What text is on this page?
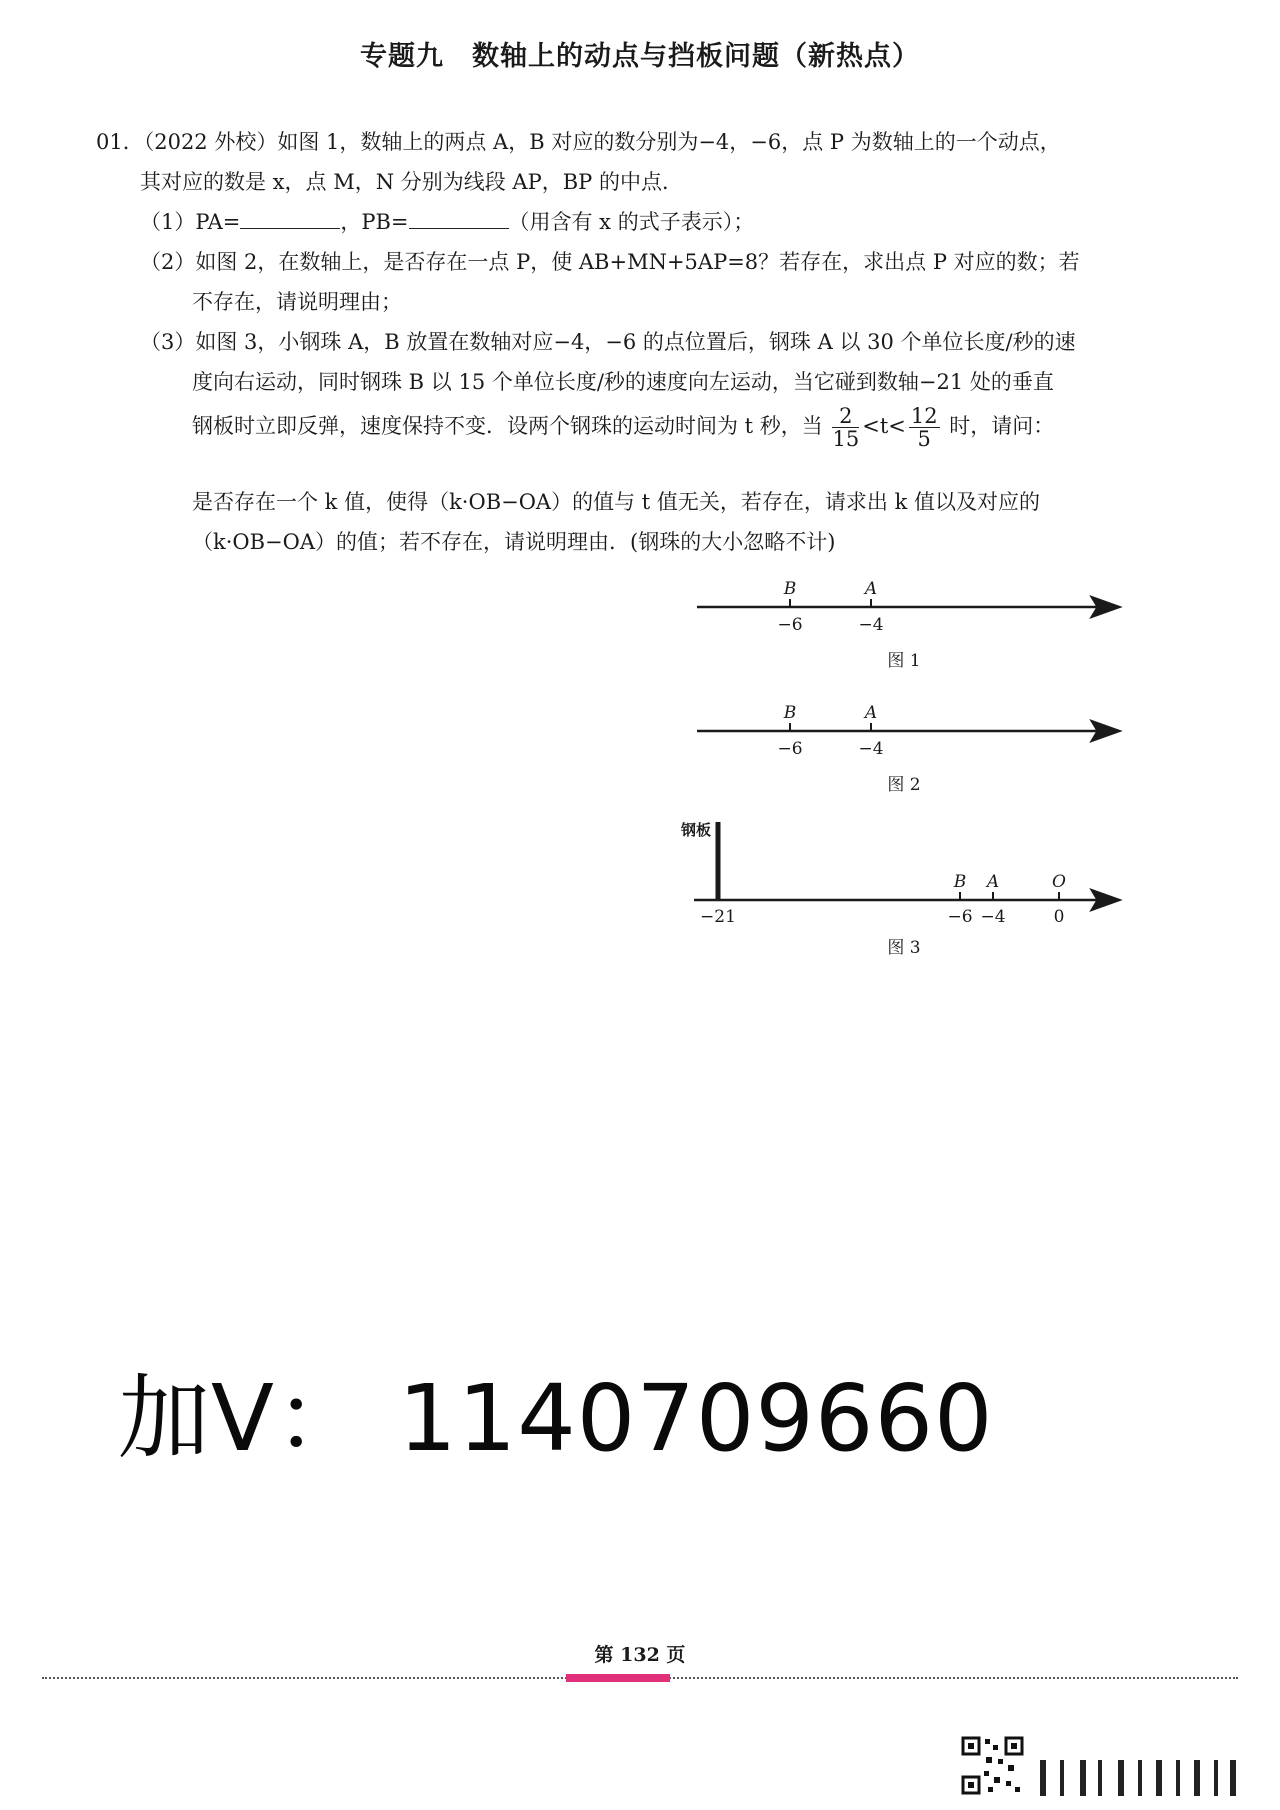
专题九　数轴上的动点与挡板问题（新热点）
01．（2022 外校）如图 1，数轴上的两点 A，B 对应的数分别为−4，−6，点 P 为数轴上的一个动点，
其对应的数是 x，点 M，N 分别为线段 AP，BP 的中点．
（1）PA=	，PB=	（用含有 x 的式子表示）；
（2）如图 2，在数轴上，是否存在一点 P，使 AB+MN+5AP=8？若存在，求出点 P 对应的数；若
不存在，请说明理由；
（3）如图 3，小钢珠 A，B 放置在数轴对应−4，−6 的点位置后，钢珠 A 以 30 个单位长度/秒的速
度向右运动，同时钢珠 B 以 15 个单位长度/秒的速度向左运动，当它碰到数轴−21 处的垂直
钢板时立即反弹，速度保持不变．设两个钢珠的运动时间为 t 秒，当 $\frac{2}{15} <t< \frac{12}{5}$ 时，请问：
是否存在一个 k 值，使得（k·OB−OA）的值与 t 值无关，若存在，请求出 k 值以及对应的
（k·OB−OA）的值；若不存在，请说明理由．(钢珠的大小忽略不计)
B	A
−6	−4
图 1
B	A
−6	−4
图 2
钢板
B A	O
−21	−6 −4	0
图 3
加V： 1140709660
第 132 页
